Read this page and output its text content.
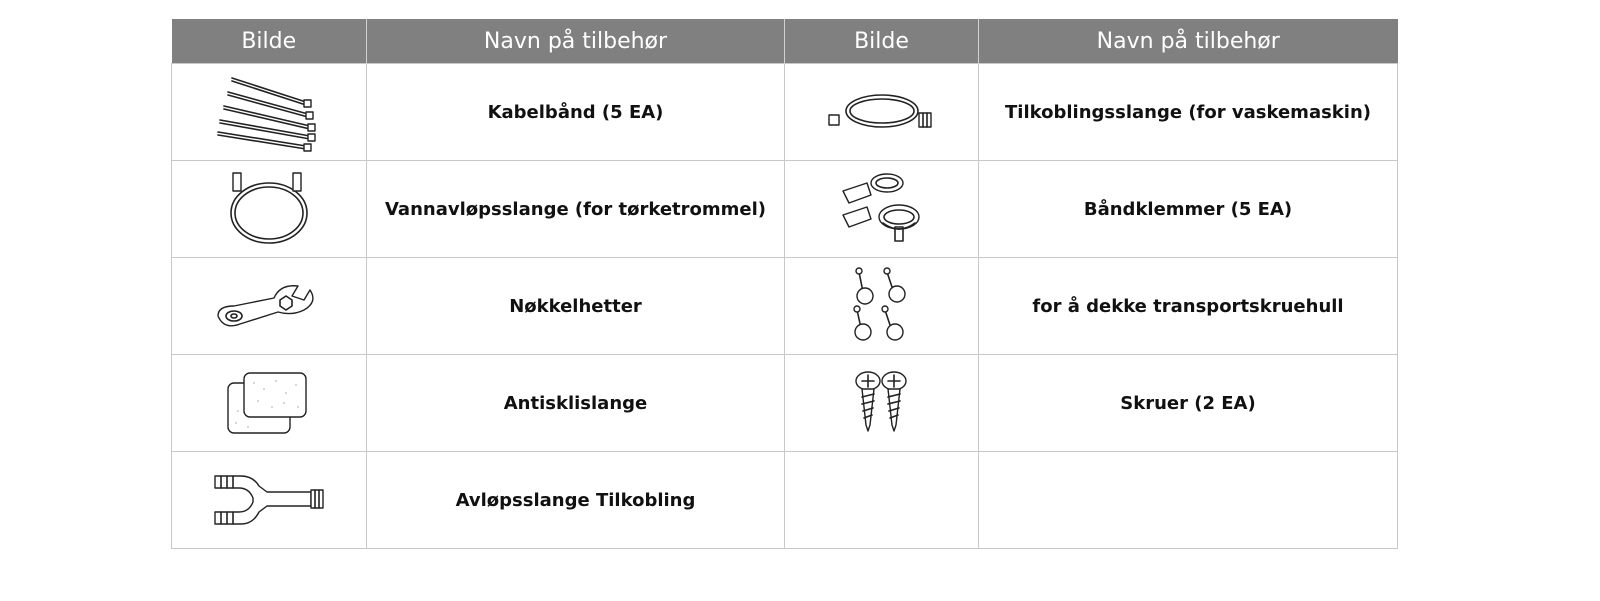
Bilde	Navn på tilbehør	Bilde	Navn på tilbehør

	Kabelbånd (5 EA)		Tilkoblingsslange (for vaskemaskin)

	Vannavløpsslange (for tørketrommel)		Båndklemmer (5 EA)

	Nøkkelhetter		for å dekke transportskruehull

	Antisklislange		Skruer (2 EA)

	Avløpsslange Tilkobling	
